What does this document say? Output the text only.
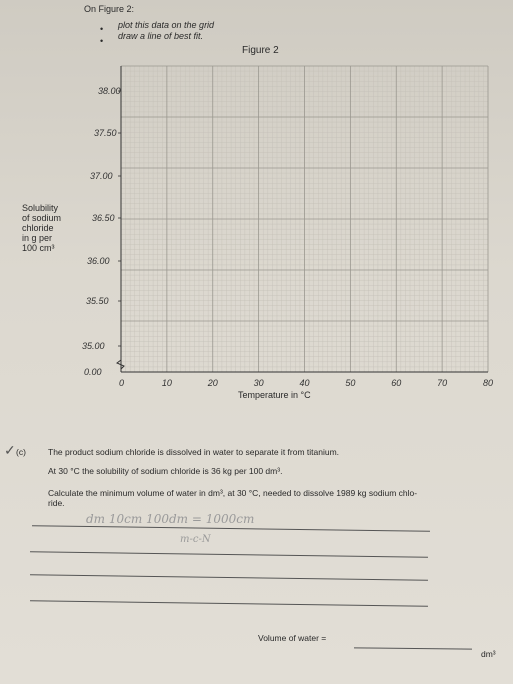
On Figure 2:
• plot this data on the grid
• draw a line of best fit.
Figure 2
Solubility
of sodium
chloride
in g per
100 cm³
0	10	20	30	40	50	60	70	80
0.00
35.00
35.50
36.00
36.50
37.00
37.50
38.00
Temperature in °C
✓ (c)	The product sodium chloride is dissolved in water to separate it from titanium.
At 30 °C the solubility of sodium chloride is 36 kg per 100 dm³.
Calculate the minimum volume of water in dm³, at 30 °C, needed to dissolve 1989 kg sodium chlo-
ride.
dm 10cm 100dm = 1000cm
m-c-N
Volume of water =
dm³
